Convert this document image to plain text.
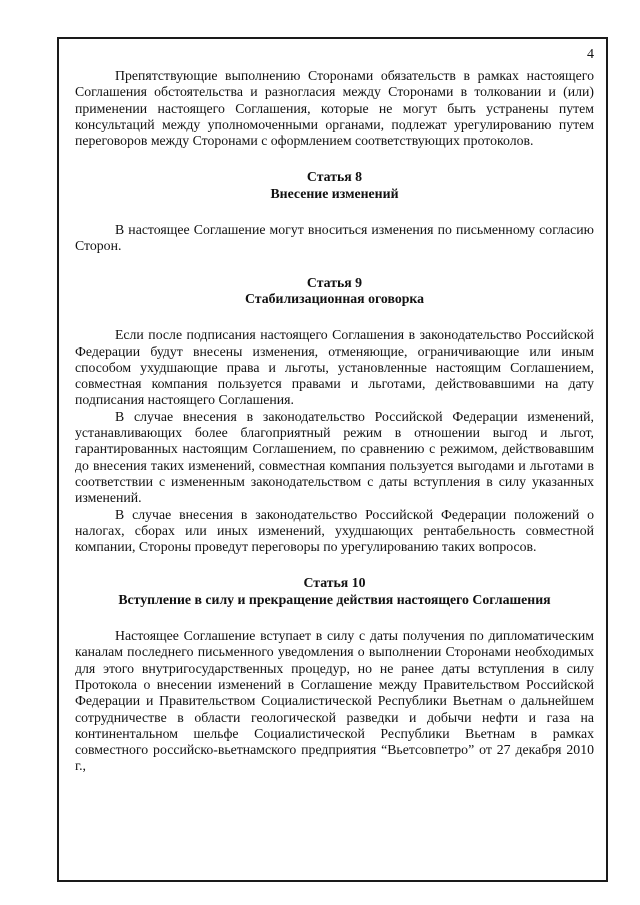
4

Препятствующие выполнению Сторонами обязательств в рамках настоящего Соглашения обстоятельства и разногласия между Сторонами в толковании и (или) применении настоящего Соглашения, которые не могут быть устранены путем консультаций между уполномоченными органами, подлежат урегулированию путем переговоров между Сторонами с оформлением соответствующих протоколов.

Статья 8

Внесение изменений

В настоящее Соглашение могут вноситься изменения по письменному согласию Сторон.

Статья 9

Стабилизационная оговорка

Если после подписания настоящего Соглашения в законодательство Российской Федерации будут внесены изменения, отменяющие, ограничивающие или иным способом ухудшающие права и льготы, установленные настоящим Соглашением, совместная компания пользуется правами и льготами, действовавшими на дату подписания настоящего Соглашения.

В случае внесения в законодательство Российской Федерации изменений, устанавливающих более благоприятный режим в отношении выгод и льгот, гарантированных настоящим Соглашением, по сравнению с режимом, действовавшим до внесения таких изменений, совместная компания пользуется выгодами и льготами в соответствии с измененным законодательством с даты вступления в силу указанных изменений.

В случае внесения в законодательство Российской Федерации положений о налогах, сборах или иных изменений, ухудшающих рентабельность совместной компании, Стороны проведут переговоры по урегулированию таких вопросов.

Статья 10

Вступление в силу и прекращение действия настоящего Соглашения

Настоящее Соглашение вступает в силу с даты получения по дипломатическим каналам последнего письменного уведомления о выполнении Сторонами необходимых для этого внутригосударственных процедур, но не ранее даты вступления в силу Протокола о внесении изменений в Соглашение между Правительством Российской Федерации и Правительством Социалистической Республики Вьетнам о дальнейшем сотрудничестве в области геологической разведки и добычи нефти и газа на континентальном шельфе Социалистической Республики Вьетнам в рамках совместного российско-вьетнамского предприятия “Вьетсовпетро” от 27 декабря 2010 г.,
